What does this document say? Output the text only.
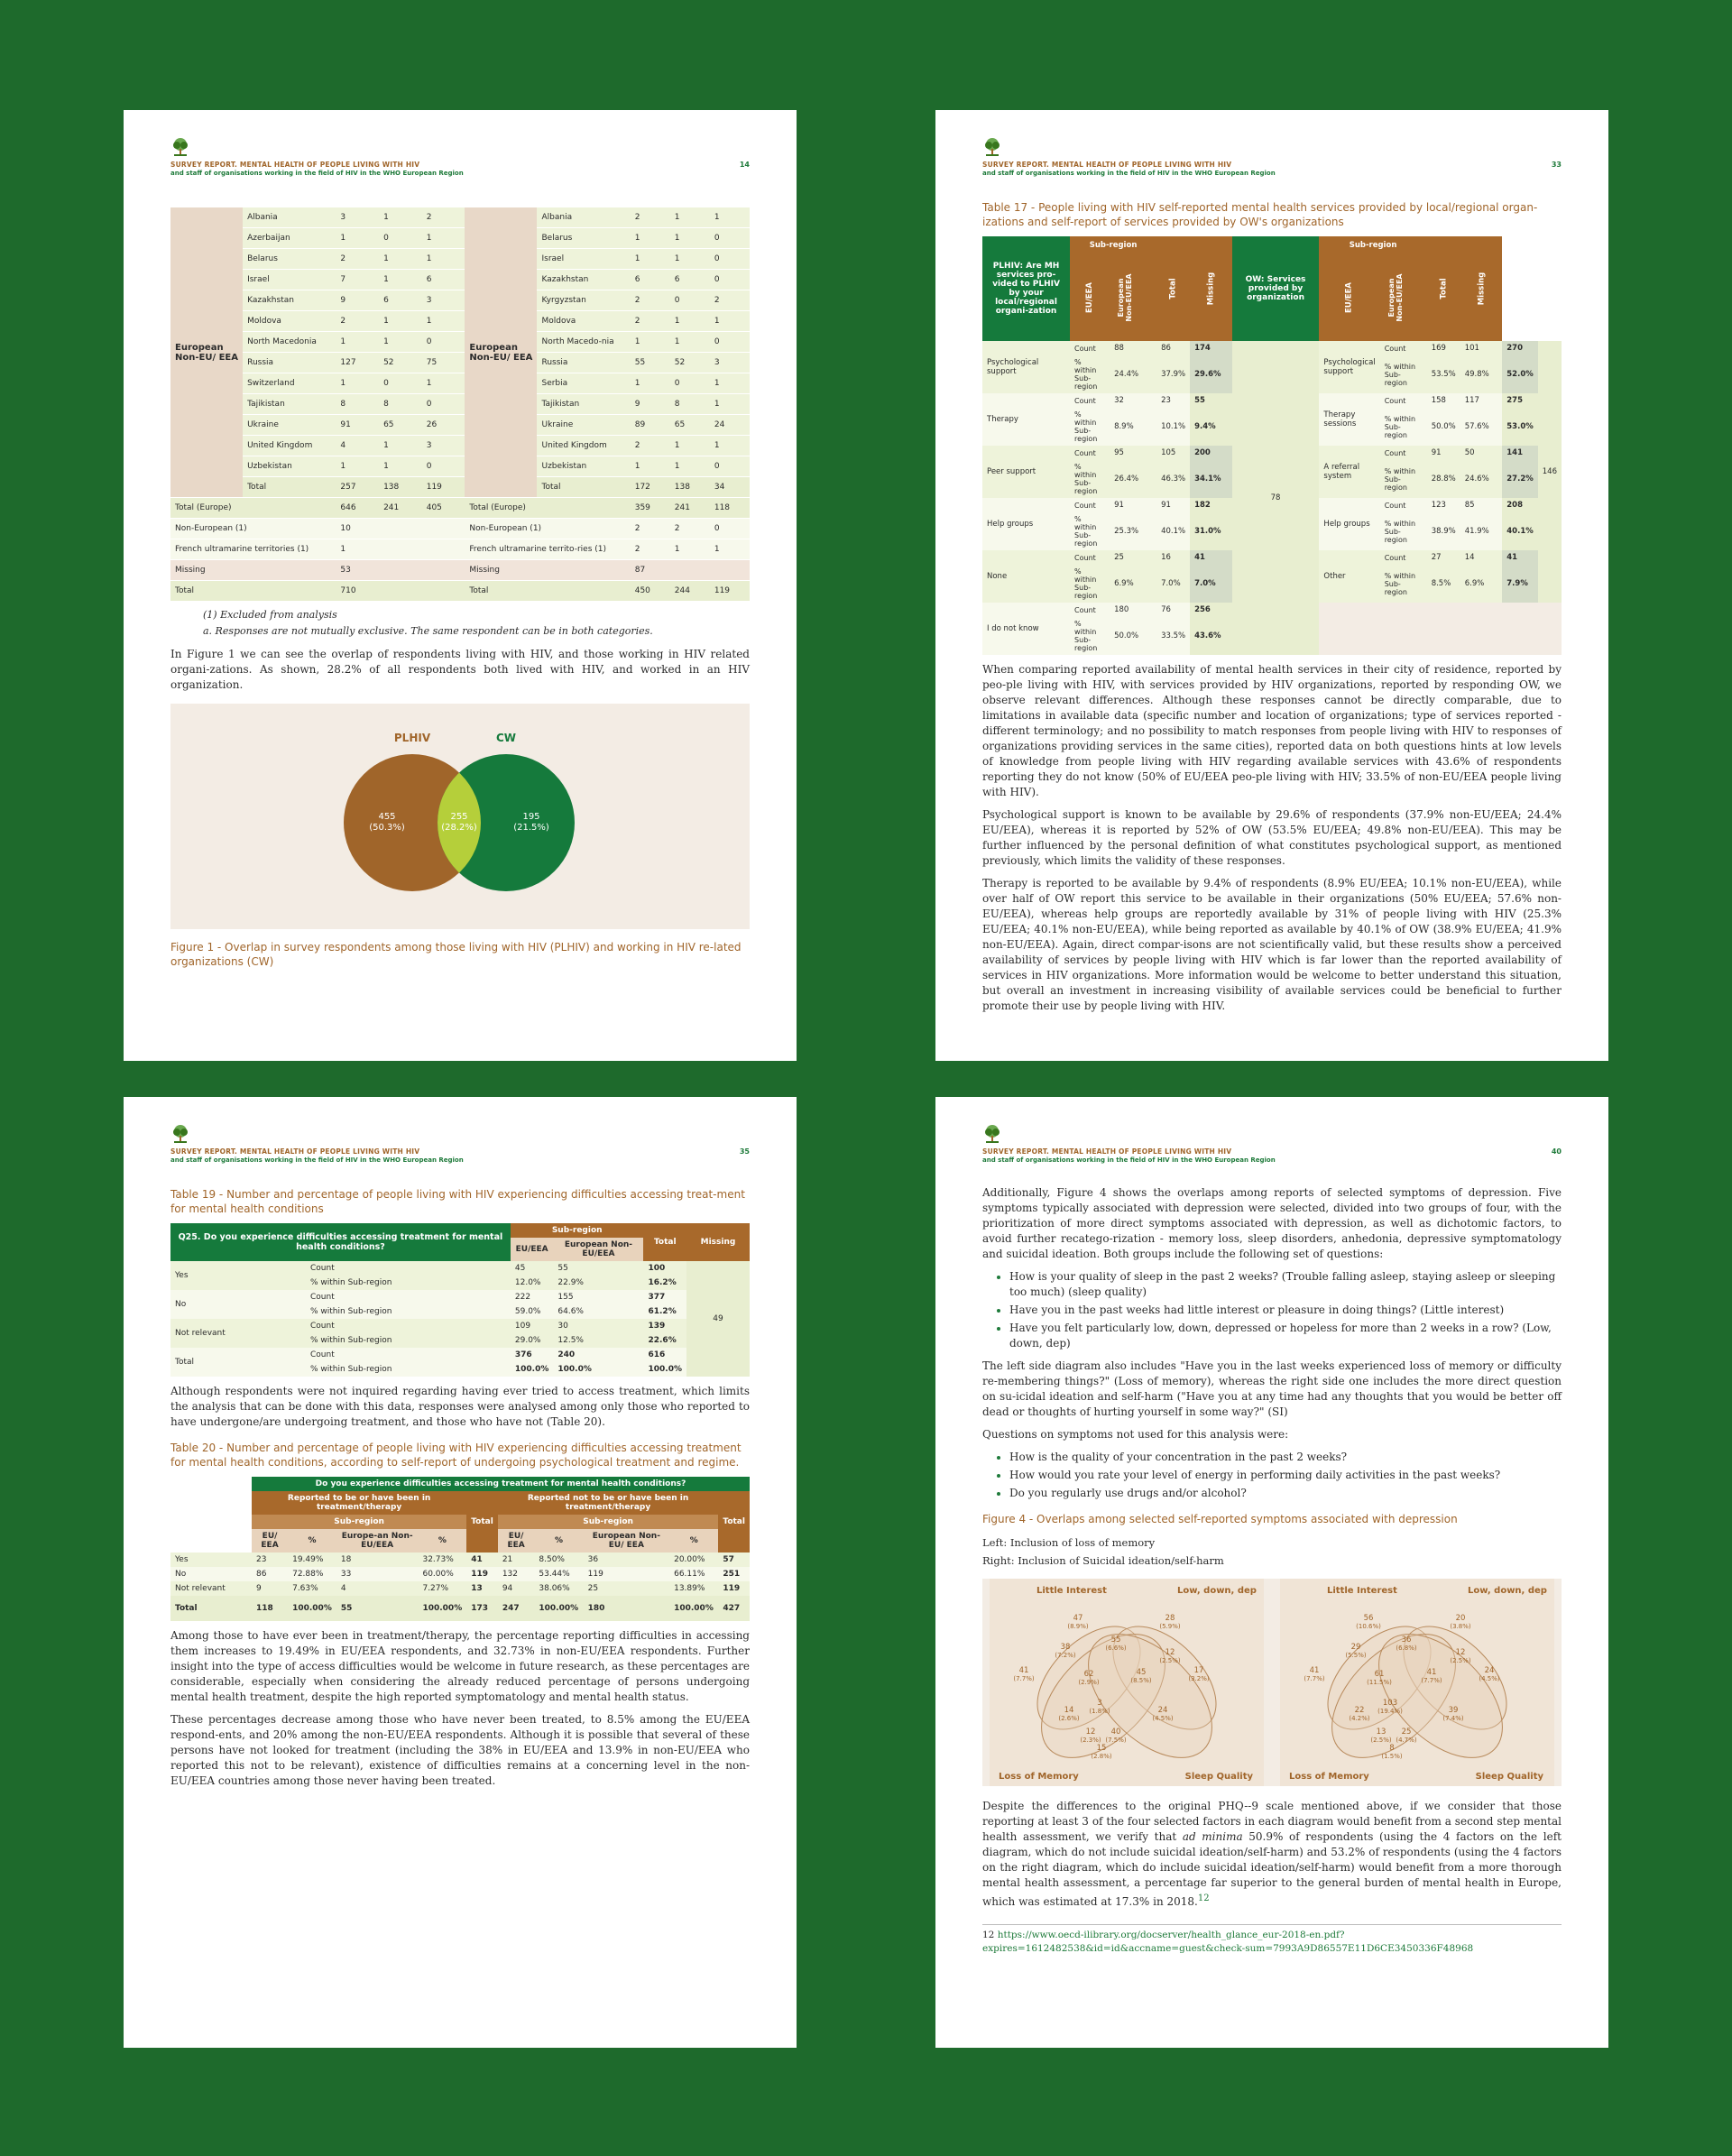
SURVEY REPORT. MENTAL HEALTH OF PEOPLE LIVING WITH HIV
and staff of organisations working in the field of HIV in the WHO European Region
14
European Non-EU/ EEA	Albania	3	1	2	European Non-EU/ EEA	Albania	2	1	1
	Azerbaijan	1	0	1		Belarus	1	1	0
	Belarus	2	1	1		Israel	1	1	0
	Israel	7	1	6		Kazakhstan	6	6	0
	Kazakhstan	9	6	3		Kyrgyzstan	2	0	2
	Moldova	2	1	1		Moldova	2	1	1
	North Macedonia	1	1	0		North Macedo-nia	1	1	0
	Russia	127	52	75		Russia	55	52	3
	Switzerland	1	0	1		Serbia	1	0	1
	Tajikistan	8	8	0		Tajikistan	9	8	1
	Ukraine	91	65	26		Ukraine	89	65	24
	United Kingdom	4	1	3		United Kingdom	2	1	1
	Uzbekistan	1	1	0		Uzbekistan	1	1	0
	Total	257	138	119		Total	172	138	34
Total (Europe)		646	241	405	Total (Europe)		359	241	118
Non-European (1)		10			Non-European (1)		2	2	0
French ultramarine territories (1)		1			French ultramarine territo-ries (1)		2	1	1
Missing		53			Missing		87		
Total		710			Total		450	244	119
(1) Excluded from analysis
a. Responses are not mutually exclusive. The same respondent can be in both categories.

In Figure 1 we can see the overlap of respondents living with HIV, and those working in HIV related organi-zations. As shown, 28.2% of all respondents both lived with HIV, and worked in an HIV organization.

PLHIV	CW
455
(50.3%)
255
(28.2%)
195
(21.5%)
Figure 1 - Overlap in survey respondents among those living with HIV (PLHIV) and working in HIV re-lated organizations (CW)
SURVEY REPORT. MENTAL HEALTH OF PEOPLE LIVING WITH HIV
and staff of organisations working in the field of HIV in the WHO European Region
33
Table 17 - People living with HIV self-reported mental health services provided by local/regional organ-izations and self-report of services provided by OW's organizations
PLHIV: Are MH services pro-vided to PLHIV by your local/regional organi-zation	Sub-region		Total	Missing	OW: Services provided by organization	Sub-region		Total	Missing		

	EU/EEA	European Non-EU/EEA				EU/EEA	European Non-EU/EEA				

Psychological support	Count	88	86	174	78	Psychological support	Count	169	101	270	146
	% within Sub-region	24.4%	37.9%	29.6%			% within Sub-region	53.5%	49.8%	52.0%	
Therapy	Count	32	23	55		Therapy sessions	Count	158	117	275	
	% within Sub-region	8.9%	10.1%	9.4%			% within Sub-region	50.0%	57.6%	53.0%	
Peer support	Count	95	105	200		A referral system	Count	91	50	141	
	% within Sub-region	26.4%	46.3%	34.1%			% within Sub-region	28.8%	24.6%	27.2%	
Help groups	Count	91	91	182		Help groups	Count	123	85	208	
	% within Sub-region	25.3%	40.1%	31.0%			% within Sub-region	38.9%	41.9%	40.1%	
None	Count	25	16	41		Other	Count	27	14	41	
	% within Sub-region	6.9%	7.0%	7.0%			% within Sub-region	8.5%	6.9%	7.9%	
I do not know	Count	180	76	256							
	% within Sub-region	50.0%	33.5%	43.6%							

When comparing reported availability of mental health services in their city of residence, reported by peo-ple living with HIV, with services provided by HIV organizations, reported by responding OW, we observe relevant differences. Although these responses cannot be directly comparable, due to limitations in available data (specific number and location of organizations; type of services reported - different terminology; and no possibility to match responses from people living with HIV to responses of organizations providing services in the same cities), reported data on both questions hints at low levels of knowledge from people living with HIV regarding available services with 43.6% of respondents reporting they do not know (50% of EU/EEA peo-ple living with HIV; 33.5% of non-EU/EEA people living with HIV).

Psychological support is known to be available by 29.6% of respondents (37.9% non-EU/EEA; 24.4% EU/EEA), whereas it is reported by 52% of OW (53.5% EU/EEA; 49.8% non-EU/EEA). This may be further influenced by the personal definition of what constitutes psychological support, as mentioned previously, which limits the validity of these responses.

Therapy is reported to be available by 9.4% of respondents (8.9% EU/EEA; 10.1% non-EU/EEA), while over half of OW report this service to be available in their organizations (50% EU/EEA; 57.6% non-EU/EEA), whereas help groups are reportedly available by 31% of people living with HIV (25.3% EU/EEA; 40.1% non-EU/EEA), while being reported as available by 40.1% of OW (38.9% EU/EEA; 41.9% non-EU/EEA). Again, direct compar-isons are not scientifically valid, but these results show a perceived availability of services by people living with HIV which is far lower than the reported availability of services in HIV organizations. More information would be welcome to better understand this situation, but overall an investment in increasing visibility of available services could be beneficial to further promote their use by people living with HIV.

SURVEY REPORT. MENTAL HEALTH OF PEOPLE LIVING WITH HIV
and staff of organisations working in the field of HIV in the WHO European Region
35
Table 19 - Number and percentage of people living with HIV experiencing difficulties accessing treat-ment for mental health conditions
Q25. Do you experience difficulties accessing treatment for mental health conditions?		Sub-region		Total	Missing
		EU/EEA	European Non-EU/EEA		
Yes	Count	45	55	100	49
	% within Sub-region	12.0%	22.9%	16.2%	
No	Count	222	155	377	
	% within Sub-region	59.0%	64.6%	61.2%	
Not relevant	Count	109	30	139	
	% within Sub-region	29.0%	12.5%	22.6%	
Total	Count	376	240	616	
	% within Sub-region	100.0%	100.0%	100.0%	

Although respondents were not inquired regarding having ever tried to access treatment, which limits the analysis that can be done with this data, responses were analysed among only those who reported to have undergone/are undergoing treatment, and those who have not (Table 20).

Table 20 - Number and percentage of people living with HIV experiencing difficulties accessing treatment for mental health conditions, according to self-report of undergoing psychological treatment and regime.
	Do you experience difficulties accessing treatment for mental health conditions?									
	Reported to be or have been in treatment/therapy				Total	Reported not to be or have been in treatment/therapy				Total
	Sub-region					Sub-region				
	EU/ EEA	%	Europe-an Non-EU/EEA	%		EU/ EEA	%	European Non-EU/ EEA	%	
Yes	23	19.49%	18	32.73%	41	21	8.50%	36	20.00%	57
No	86	72.88%	33	60.00%	119	132	53.44%	119	66.11%	251
Not relevant	9	7.63%	4	7.27%	13	94	38.06%	25	13.89%	119
Total	118	100.00%	55	100.00%	173	247	100.00%	180	100.00%	427

Among those to have ever been in treatment/therapy, the percentage reporting difficulties in accessing them increases to 19.49% in EU/EEA respondents, and 32.73% in non-EU/EEA respondents. Further insight into the type of access difficulties would be welcome in future research, as these percentages are considerable, especially when considering the already reduced percentage of persons undergoing mental health treatment, despite the high reported symptomatology and mental health status.

These percentages decrease among those who have never been treated, to 8.5% among the EU/EEA respond-ents, and 20% among the non-EU/EEA respondents. Although it is possible that several of these persons have not looked for treatment (including the 38% in EU/EEA and 13.9% in non-EU/EEA who reported this not to be relevant), existence of difficulties remains at a concerning level in the non-EU/EEA countries among those never having been treated.

SURVEY REPORT. MENTAL HEALTH OF PEOPLE LIVING WITH HIV
and staff of organisations working in the field of HIV in the WHO European Region
40

Additionally, Figure 4 shows the overlaps among reports of selected symptoms of depression. Five symptoms typically associated with depression were selected, divided into two groups of four, with the prioritization of more direct symptoms associated with depression, as well as dichotomic factors, to avoid further recatego-rization - memory loss, sleep disorders, anhedonia, depressive symptomatology and suicidal ideation. Both groups include the following set of questions:

• How is your quality of sleep in the past 2 weeks? (Trouble falling asleep, staying asleep or sleeping too much) (sleep quality)
• Have you in the past weeks had little interest or pleasure in doing things? (Little interest)
• Have you felt particularly low, down, depressed or hopeless for more than 2 weeks in a row? (Low, down, dep)

The left side diagram also includes "Have you in the last weeks experienced loss of memory or difficulty re-membering things?" (Loss of memory), whereas the right side one includes the more direct question on su-icidal ideation and self-harm ("Have you at any time had any thoughts that you would be better off dead or thoughts of hurting yourself in some way?" (SI)

Questions on symptoms not used for this analysis were:

• How is the quality of your concentration in the past 2 weeks?
• How would you rate your level of energy in performing daily activities in the past weeks?
• Do you regularly use drugs and/or alcohol?
Figure 4 - Overlaps among selected self-reported symptoms associated with depression
Left: Inclusion of loss of memory
Right: Inclusion of Suicidal ideation/self-harm
Little Interest	Low, down, dep
Loss of Memory	Sleep Quality
47
(8.9%)
28
(5.9%)
38
(7.2%)
55
(6.6%)	12
(2.5%)
41
(7.7%)	62
(2.9%)
45
(8.5%)
17
(3.2%)
3
(1.8%)
14
(2.6%)
24
(4.5%)
12
(2.3%)
40
(7.5%)
15
(2.8%)
Little Interest	Low, down, dep
Loss of Memory	Sleep Quality
56
(10.6%)
20
(3.8%)
29
(5.5%)
36
(6.8%)	12
(2.5%)
41
(7.7%)	61
(11.5%)
41
(7.7%)
24
(4.5%)
103
(19.4%)
22
(4.2%)
39
(7.4%)
13
(2.5%)
25
(4.7%)
8
(1.5%)

Despite the differences to the original PHQ--9 scale mentioned above, if we consider that those reporting at least 3 of the four selected factors in each diagram would benefit from a second step mental health assessment, we verify that ad minima 50.9% of respondents (using the 4 factors on the left diagram, which do not include suicidal ideation/self-harm) and 53.2% of respondents (using the 4 factors on the right diagram, which do include suicidal ideation/self-harm) would benefit from a more thorough mental health assessment, a percentage far superior to the general burden of mental health in Europe, which was estimated at 17.3% in 2018.12

12 https://www.oecd-ilibrary.org/docserver/health_glance_eur-2018-en.pdf?expires=1612482538&id=id&accname=guest&check-sum=7993A9D86557E11D6CE3450336F48968
